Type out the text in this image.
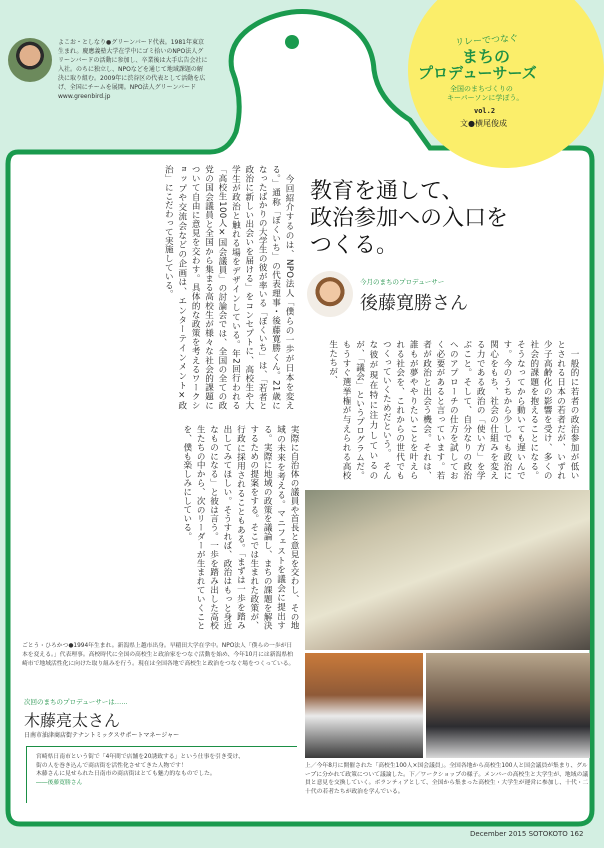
リレーでつなぐ
まちの
プロデューサーズ
全国のまちづくりの
キーパーソンに学ぼう。
vol.2
文●横尾俊成
よこお・としなり●グリーンバード代表。1981年東京生まれ。慶應義塾大学在学中にゴミ拾いのNPO法人グリーンバードの活動に参加し、卒業後は大手広告会社に入社。のちに独立し、NPOなどを通じて地域課題の解決に取り組む。2009年に渋谷区の代表として活動を広げ、全国にチームを展開。NPO法人グリーンバード www.greenbird.jp
教育を通して、
政治参加への入口を
つくる。
今月のまちのプロデューサー
後藤寛勝さん
　一般的に若者の政治参加が低いとされる日本の若者だが、いずれ少子高齢化の影響を受け、多くの社会的課題を抱えることになる。そうなってから動いても遅いんです。今のうちから少しでも政治に関心をもち、社会の仕組みを変える力である政治の「使い方」を学ぶこと。そして、自分なりの政治へのアプローチの仕方を試しておく必要があると言っています。若者が政治と出会う機会。それは、誰もが夢ややりたいことを叶えられる社会を、これからの世代でもつくっていくためだという。　そんな彼が現在特に注力しているのが、「議会」というプログラムだ。もうすぐ選挙権が与えられる高校生たちが、
　今回紹介するのは、NPO法人「僕らの一歩が日本を変える。」通称「ぼくいち」の代表理事・後藤寛勝くん。21歳になったばかりの大学生の彼が率いる「ぼくいち」は、「若者と政治に新しい出会いを届ける」をコンセプトに、高校生や大学生が政治と触れる場をデザインしている。年2回行われる「高校生100人×国会議員」の討論会では、全国の全ての政党の国会議員と全国から集まる高校生が様々な社会的課題について自由に意見を交わす。具体的な政策を考えるワークショップや交流会などの企画は、エンターテインメント×政治」にこだわって実施している。
実際に自治体の議員や首長と意見を交わし、その地域の未来を考える。マニフェストを議会に提出する。実際に地域の政策を議論し、まちの課題を解決するための提案をする。そこでは生まれた政策が、行政に採用されることもある。「まずは一歩を踏み出してみてほしい。そうすれば、政治はもっと身近なものになる」と彼は言う。一歩を踏み出した高校生たちの中から、次のリーダーが生まれていくことを、僕も楽しみにしている。
上／今年8月に開催された「高校生100人×国会議員」。全国各地から高校生100人と国会議員が集まり、グループに分かれて政策について議論した。下／ワークショップの様子。メンバーの高校生と大学生が、地域の議員と意見を交換していく。ボランティアとして、全国から集まった高校生・大学生が運営に参加し、十代・二十代の若者たちが政治を学んでいる。
ごとう・ひろかつ●1994年生まれ。新潟県上越市出身。早稲田大学在学中。NPO法人「僕らの一歩が日本を変える。」代表理事。高校時代に全国の高校生と政治家をつなぐ活動を始め、今年10月には新潟県柏崎市で地域活性化に向けた取り組みを行う。現在は全国各地で高校生と政治をつなぐ場をつくっている。
次回のまちのプロデューサーは……
木藤亮太さん
日南市油津商店街テナントミックスサポートマネージャー
宮崎県日南市という街で「4年間で店舗を20誘致する」という仕事を引き受け、
街の人を巻き込んで商店街を活性化させてきた人物です！
木藤さんに見せられた日南市の商店街はとても魅力的なものでした。
――後藤寛勝さん
December 2015 SOTOKOTO 162
